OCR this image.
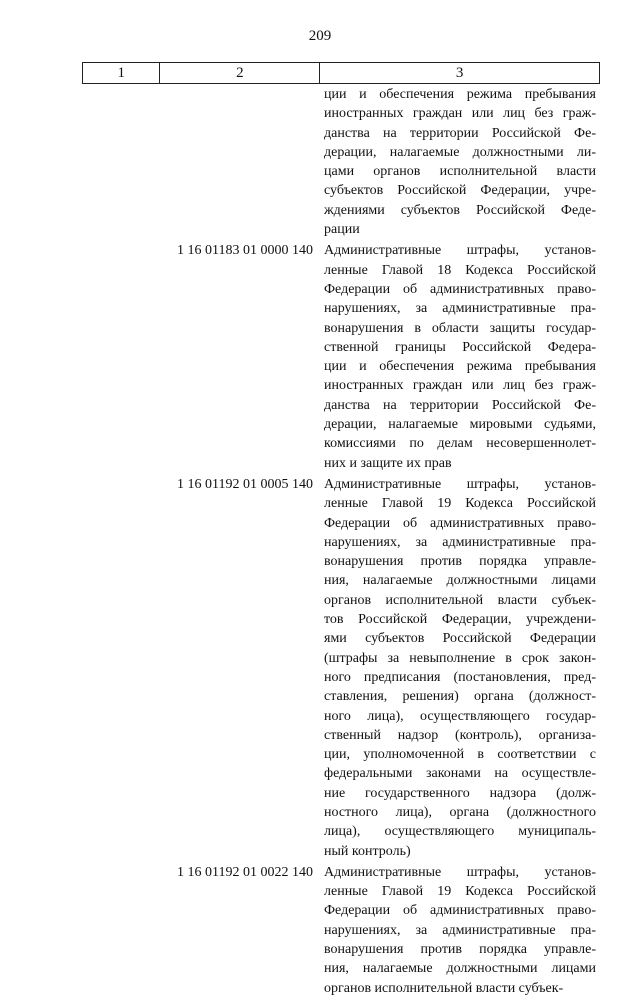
209
1	2	3
ции и обеспечения режима пребывания
иностранных граждан или лиц без граж-
данства на территории Российской Фе-
дерации, налагаемые должностными ли-
цами органов исполнительной власти
субъектов Российской Федерации, учре-
ждениями субъектов Российской Феде-
рации
1 16 01183 01 0000 140 Административные штрафы, установ-
ленные Главой 18 Кодекса Российской
Федерации об административных право-
нарушениях, за административные пра-
вонарушения в области защиты государ-
ственной границы Российской Федера-
ции и обеспечения режима пребывания
иностранных граждан или лиц без граж-
данства на территории Российской Фе-
дерации, налагаемые мировыми судьями,
комиссиями по делам несовершеннолет-
них и защите их прав
1 16 01192 01 0005 140 Административные штрафы, установ-
ленные Главой 19 Кодекса Российской
Федерации об административных право-
нарушениях, за административные пра-
вонарушения против порядка управле-
ния, налагаемые должностными лицами
органов исполнительной власти субъек-
тов Российской Федерации, учреждени-
ями субъектов Российской Федерации
(штрафы за невыполнение в срок закон-
ного предписания (постановления, пред-
ставления, решения) органа (должност-
ного лица), осуществляющего государ-
ственный надзор (контроль), организа-
ции, уполномоченной в соответствии с
федеральными законами на осуществле-
ние государственного надзора (долж-
ностного лица), органа (должностного
лица), осуществляющего муниципаль-
ный контроль)
1 16 01192 01 0022 140 Административные штрафы, установ-
ленные Главой 19 Кодекса Российской
Федерации об административных право-
нарушениях, за административные пра-
вонарушения против порядка управле-
ния, налагаемые должностными лицами
органов исполнительной власти субъек-
